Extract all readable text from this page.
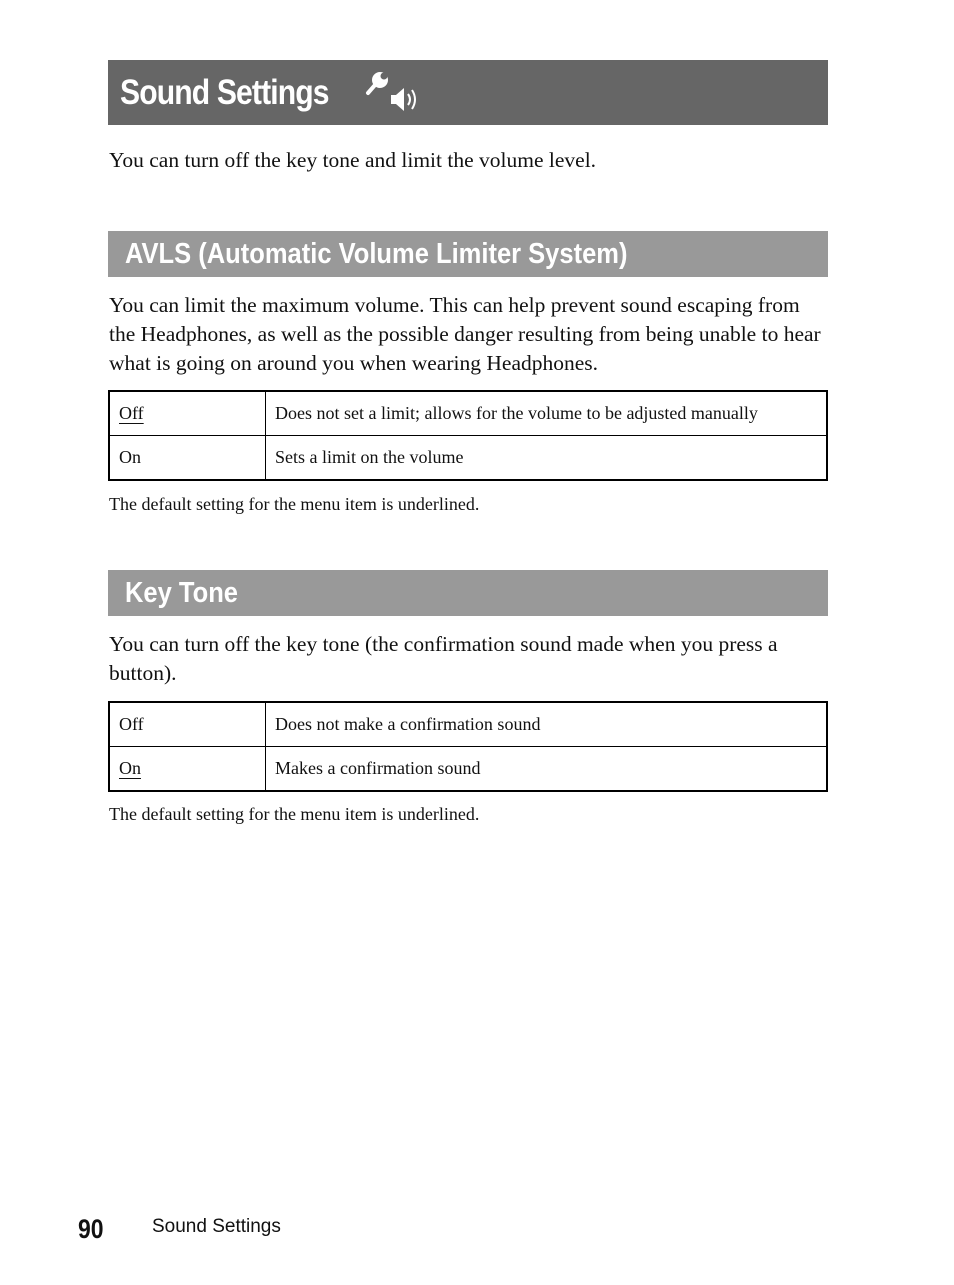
Sound Settings

You can turn off the key tone and limit the volume level.

AVLS (Automatic Volume Limiter System)

You can limit the maximum volume. This can help prevent sound escaping from the Headphones, as well as the possible danger resulting from being unable to hear what is going on around you when wearing Headphones.

Off	Does not set a limit; allows for the volume to be adjusted manually
On	Sets a limit on the volume

The default setting for the menu item is underlined.

Key Tone

You can turn off the key tone (the confirmation sound made when you press a button).

Off	Does not make a confirmation sound
On	Makes a confirmation sound

The default setting for the menu item is underlined.

90	Sound Settings
